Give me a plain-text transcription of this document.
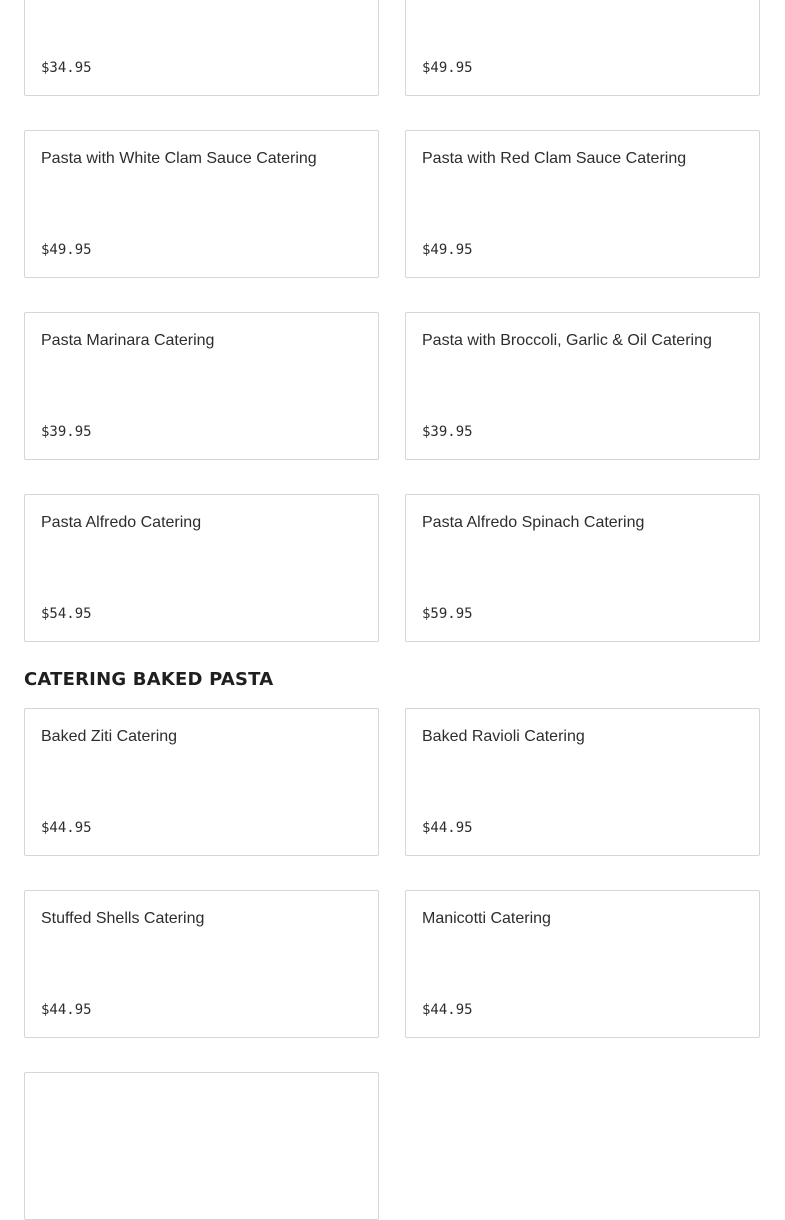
$34.95	$49.95
Pasta with White Clam Sauce Catering
$49.95
Pasta with Red Clam Sauce Catering
$49.95
Pasta Marinara Catering
$39.95
Pasta with Broccoli, Garlic & Oil Catering
$39.95
Pasta Alfredo Catering
$54.95
Pasta Alfredo Spinach Catering
$59.95
CATERING BAKED PASTA
Baked Ziti Catering
$44.95
Baked Ravioli Catering
$44.95
Stuffed Shells Catering
$44.95
Manicotti Catering
$44.95
